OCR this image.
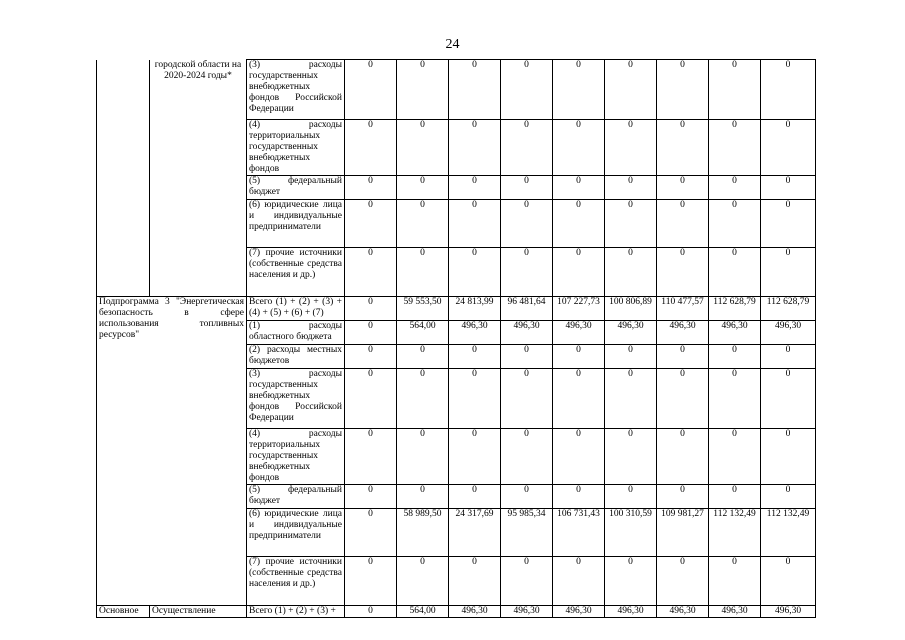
24
	городской области на 2020-2024 годы*	(3) расходы государственных внебюджетных фондов Российской Федерации	0	0	0	0	0	0	0	0	0
		(4) расходы территориальных государственных внебюджетных фондов	0	0	0	0	0	0	0	0	0
		(5) федеральный бюджет	0	0	0	0	0	0	0	0	0
		(6) юридические лица и индивидуальные предприниматели	0	0	0	0	0	0	0	0	0
		(7) прочие источники (собственные средства населения и др.)	0	0	0	0	0	0	0	0	0
Подпрограмма 3 "Энергетическая безопасность в сфере использования топливных ресурсов"		Всего (1) + (2) + (3) + (4) + (5) + (6) + (7)	0	59 553,50	24 813,99	96 481,64	107 227,73	100 806,89	110 477,57	112 628,79	112 628,79
		(1) расходы областного бюджета	0	564,00	496,30	496,30	496,30	496,30	496,30	496,30	496,30
		(2) расходы местных бюджетов	0	0	0	0	0	0	0	0	0
		(3) расходы государственных внебюджетных фондов Российской Федерации	0	0	0	0	0	0	0	0	0
		(4) расходы территориальных государственных внебюджетных фондов	0	0	0	0	0	0	0	0	0
		(5) федеральный бюджет	0	0	0	0	0	0	0	0	0
		(6) юридические лица и индивидуальные предприниматели	0	58 989,50	24 317,69	95 985,34	106 731,43	100 310,59	109 981,27	112 132,49	112 132,49
		(7) прочие источники (собственные средства населения и др.)	0	0	0	0	0	0	0	0	0
Основное	Осуществление	Всего (1) + (2) + (3) +	0	564,00	496,30	496,30	496,30	496,30	496,30	496,30	496,30
